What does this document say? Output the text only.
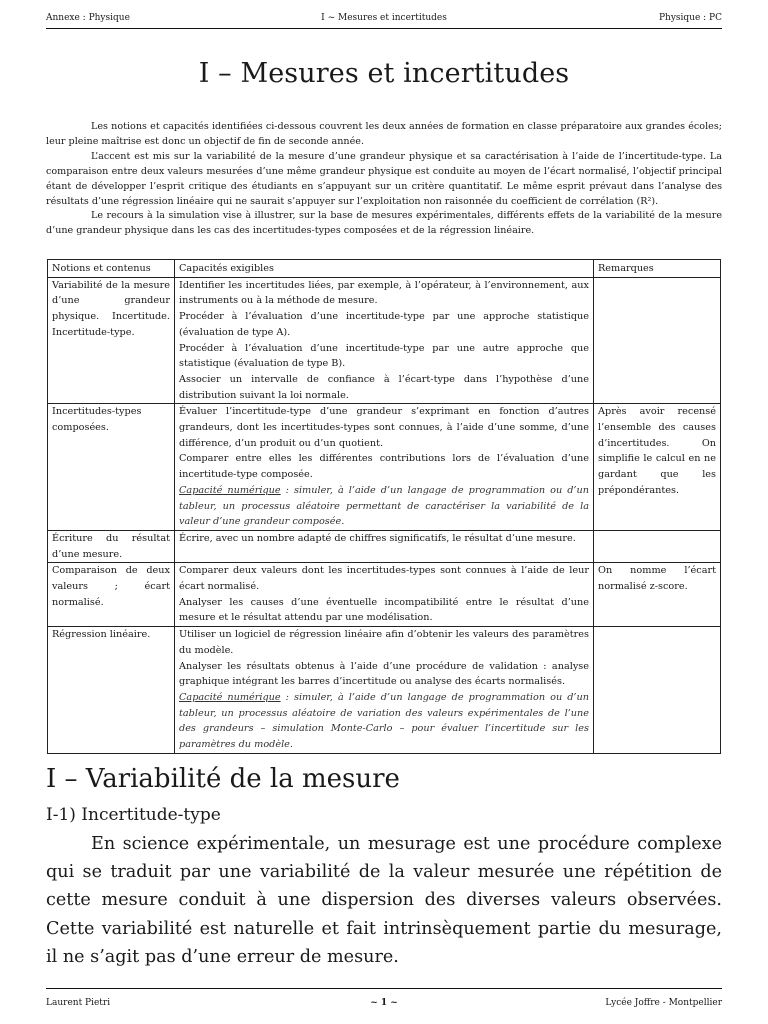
Annexe : Physique	I ~ Mesures et incertitudes	Physique : PC
I – Mesures et incertitudes

Les notions et capacités identifiées ci-dessous couvrent les deux années de formation en classe préparatoire aux grandes écoles; leur pleine maîtrise est donc un objectif de fin de seconde année.

L’accent est mis sur la variabilité de la mesure d’une grandeur physique et sa caractérisation à l’aide de l’incertitude-type. La comparaison entre deux valeurs mesurées d’une même grandeur physique est conduite au moyen de l’écart normalisé, l’objectif principal étant de développer l’esprit critique des étudiants en s’appuyant sur un critère quantitatif. Le même esprit prévaut dans l’analyse des résultats d’une régression linéaire qui ne saurait s’appuyer sur l’exploitation non raisonnée du coefficient de corrélation (R²).

Le recours à la simulation vise à illustrer, sur la base de mesures expérimentales, différents effets de la variabilité de la mesure d’une grandeur physique dans les cas des incertitudes-types composées et de la régression linéaire.

Notions et contenus	Capacités exigibles	Remarques
Variabilité de la mesure d’une grandeur physique. Incertitude. Incertitude-type.	Identifier les incertitudes liées, par exemple, à l’opérateur, à l’environnement, aux instruments ou à la méthode de mesure.
Procéder à l’évaluation d’une incertitude-type par une approche statistique (évaluation de type A).
Procéder à l’évaluation d’une incertitude-type par une autre approche que statistique (évaluation de type B).
Associer un intervalle de confiance à l’écart-type dans l’hypothèse d’une distribution suivant la loi normale.	

Incertitudes-types composées.	Évaluer l’incertitude-type d’une grandeur s’exprimant en fonction d’autres grandeurs, dont les incertitudes-types sont connues, à l’aide d’une somme, d’une différence, d’un produit ou d’un quotient.
Comparer entre elles les différentes contributions lors de l’évaluation d’une incertitude-type composée.
Capacité numérique : simuler, à l’aide d’un langage de programmation ou d’un tableur, un processus aléatoire permettant de caractériser la variabilité de la valeur d’une grandeur composée.	Après avoir recensé l’ensemble des causes d’incertitudes. On simplifie le calcul en ne gardant que les prépondérantes.
Écriture du résultat d’une mesure.	Écrire, avec un nombre adapté de chiffres significatifs, le résultat d’une mesure.	

Comparaison de deux valeurs ; écart normalisé.	Comparer deux valeurs dont les incertitudes-types sont connues à l’aide de leur écart normalisé.
Analyser les causes d’une éventuelle incompatibilité entre le résultat d’une mesure et le résultat attendu par une modélisation.	On nomme l’écart normalisé z-score.
Régression linéaire.	Utiliser un logiciel de régression linéaire afin d’obtenir les valeurs des paramètres du modèle.
Analyser les résultats obtenus à l’aide d’une procédure de validation : analyse graphique intégrant les barres d’incertitude ou analyse des écarts normalisés.
Capacité numérique : simuler, à l’aide d’un langage de programmation ou d’un tableur, un processus aléatoire de variation des valeurs expérimentales de l’une des grandeurs – simulation Monte-Carlo – pour évaluer l’incertitude sur les paramètres du modèle.	

I – Variabilité de la mesure
I-1) Incertitude-type

En science expérimentale, un mesurage est une procédure complexe qui se traduit par une variabilité de la valeur mesurée une répétition de cette mesure conduit à une dispersion des diverses valeurs observées. Cette variabilité est naturelle et fait intrinsèquement partie du mesurage, il ne s’agit pas d’une erreur de mesure.

Laurent Pietri	~ 1 ~	Lycée Joffre - Montpellier
